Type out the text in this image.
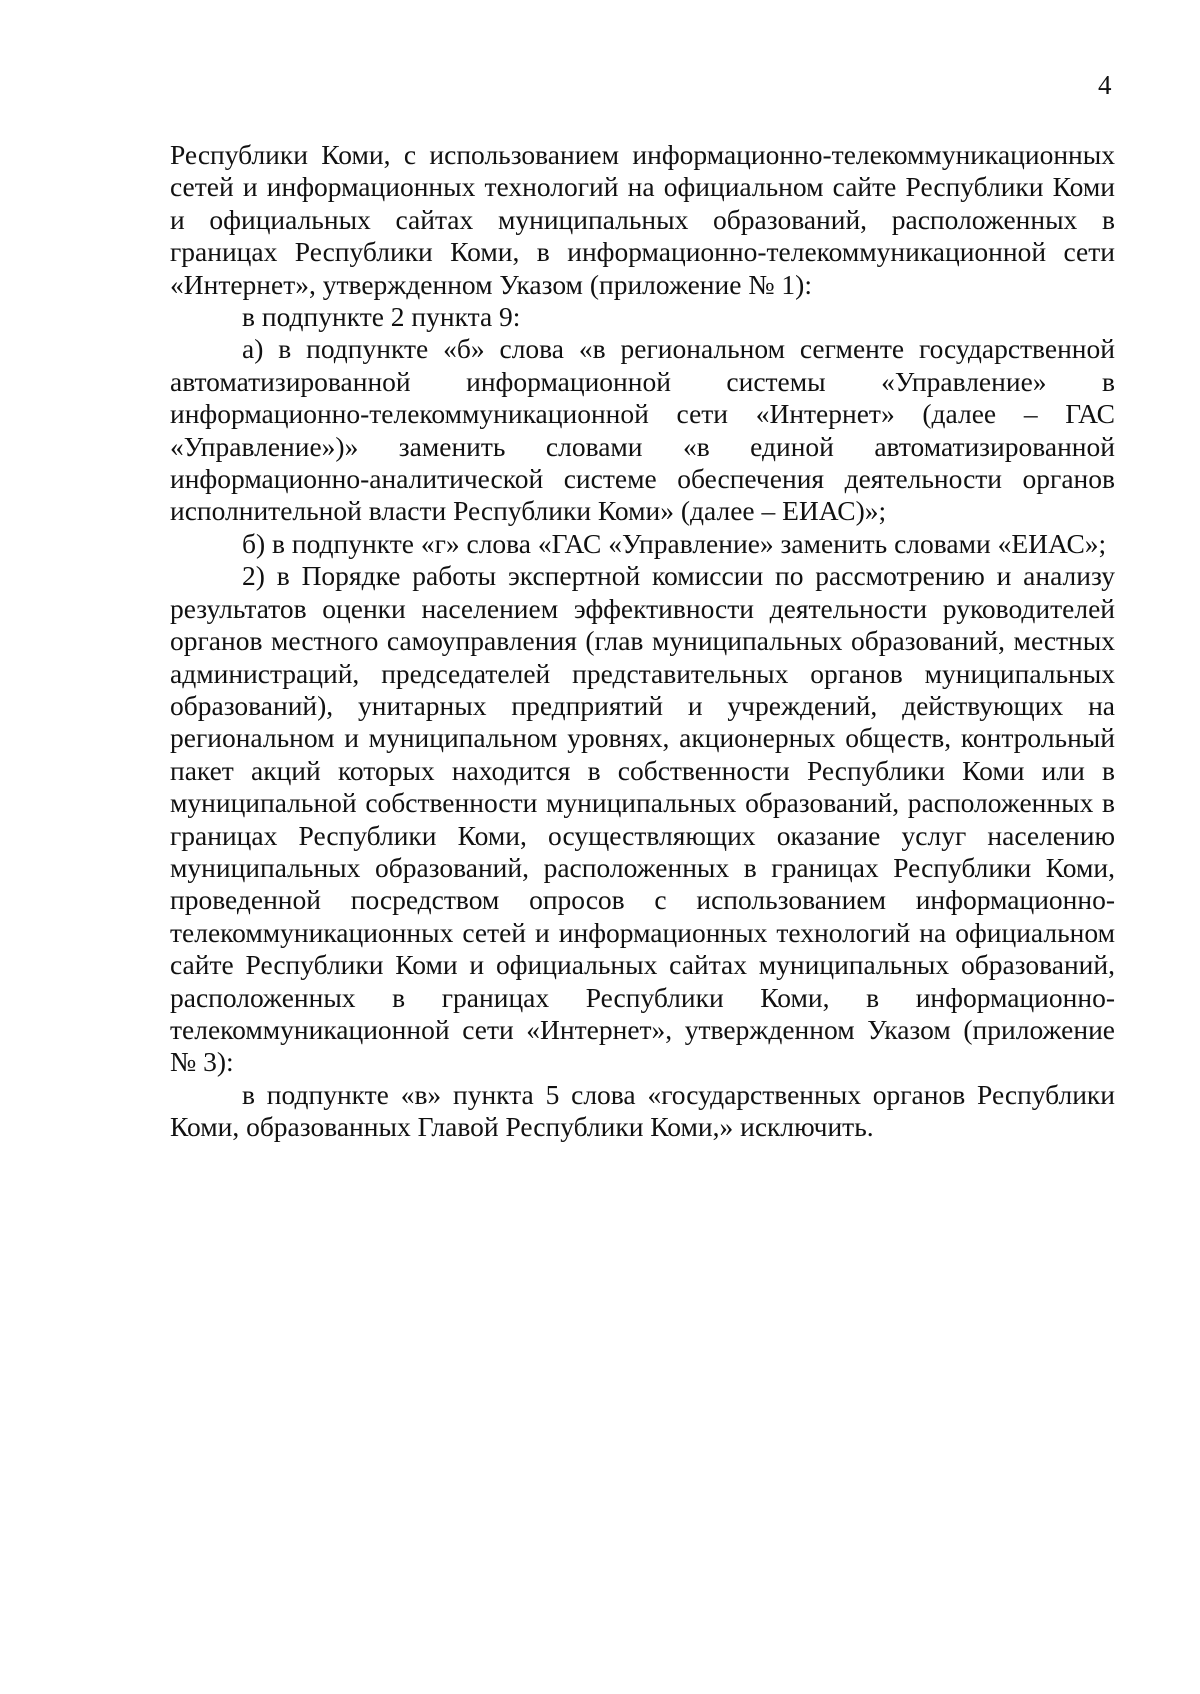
4

Республики Коми, с использованием информационно-телекоммуникационных сетей и информационных технологий на официальном сайте Республики Коми и официальных сайтах муниципальных образований, расположенных в границах Республики Коми, в информационно-телекоммуникационной сети «Интернет», утвержденном Указом (приложение № 1):

в подпункте 2 пункта 9:

а) в подпункте «б» слова «в региональном сегменте государственной автоматизированной информационной системы «Управление» в информационно-телекоммуникационной сети «Интернет» (далее – ГАС «Управление»)» заменить словами «в единой автоматизированной информационно-аналитической системе обеспечения деятельности органов исполнительной власти Республики Коми» (далее – ЕИАС)»;

б) в подпункте «г» слова «ГАС «Управление» заменить словами «ЕИАС»;

2) в Порядке работы экспертной комиссии по рассмотрению и анализу результатов оценки населением эффективности деятельности руководителей органов местного самоуправления (глав муниципальных образований, местных администраций, председателей представительных органов муниципальных образований), унитарных предприятий и учреждений, действующих на региональном и муниципальном уровнях, акционерных обществ, контрольный пакет акций которых находится в собственности Республики Коми или в муниципальной собственности муниципальных образований, расположенных в границах Республики Коми, осуществляющих оказание услуг населению муниципальных образований, расположенных в границах Республики Коми, проведенной посредством опросов с использованием информационно-телекоммуникационных сетей и информационных технологий на официальном сайте Республики Коми и официальных сайтах муниципальных образований, расположенных в границах Республики Коми, в информационно-телекоммуникационной сети «Интернет», утвержденном Указом (приложение № 3):

в подпункте «в» пункта 5 слова «государственных органов Республики Коми, образованных Главой Республики Коми,» исключить.
